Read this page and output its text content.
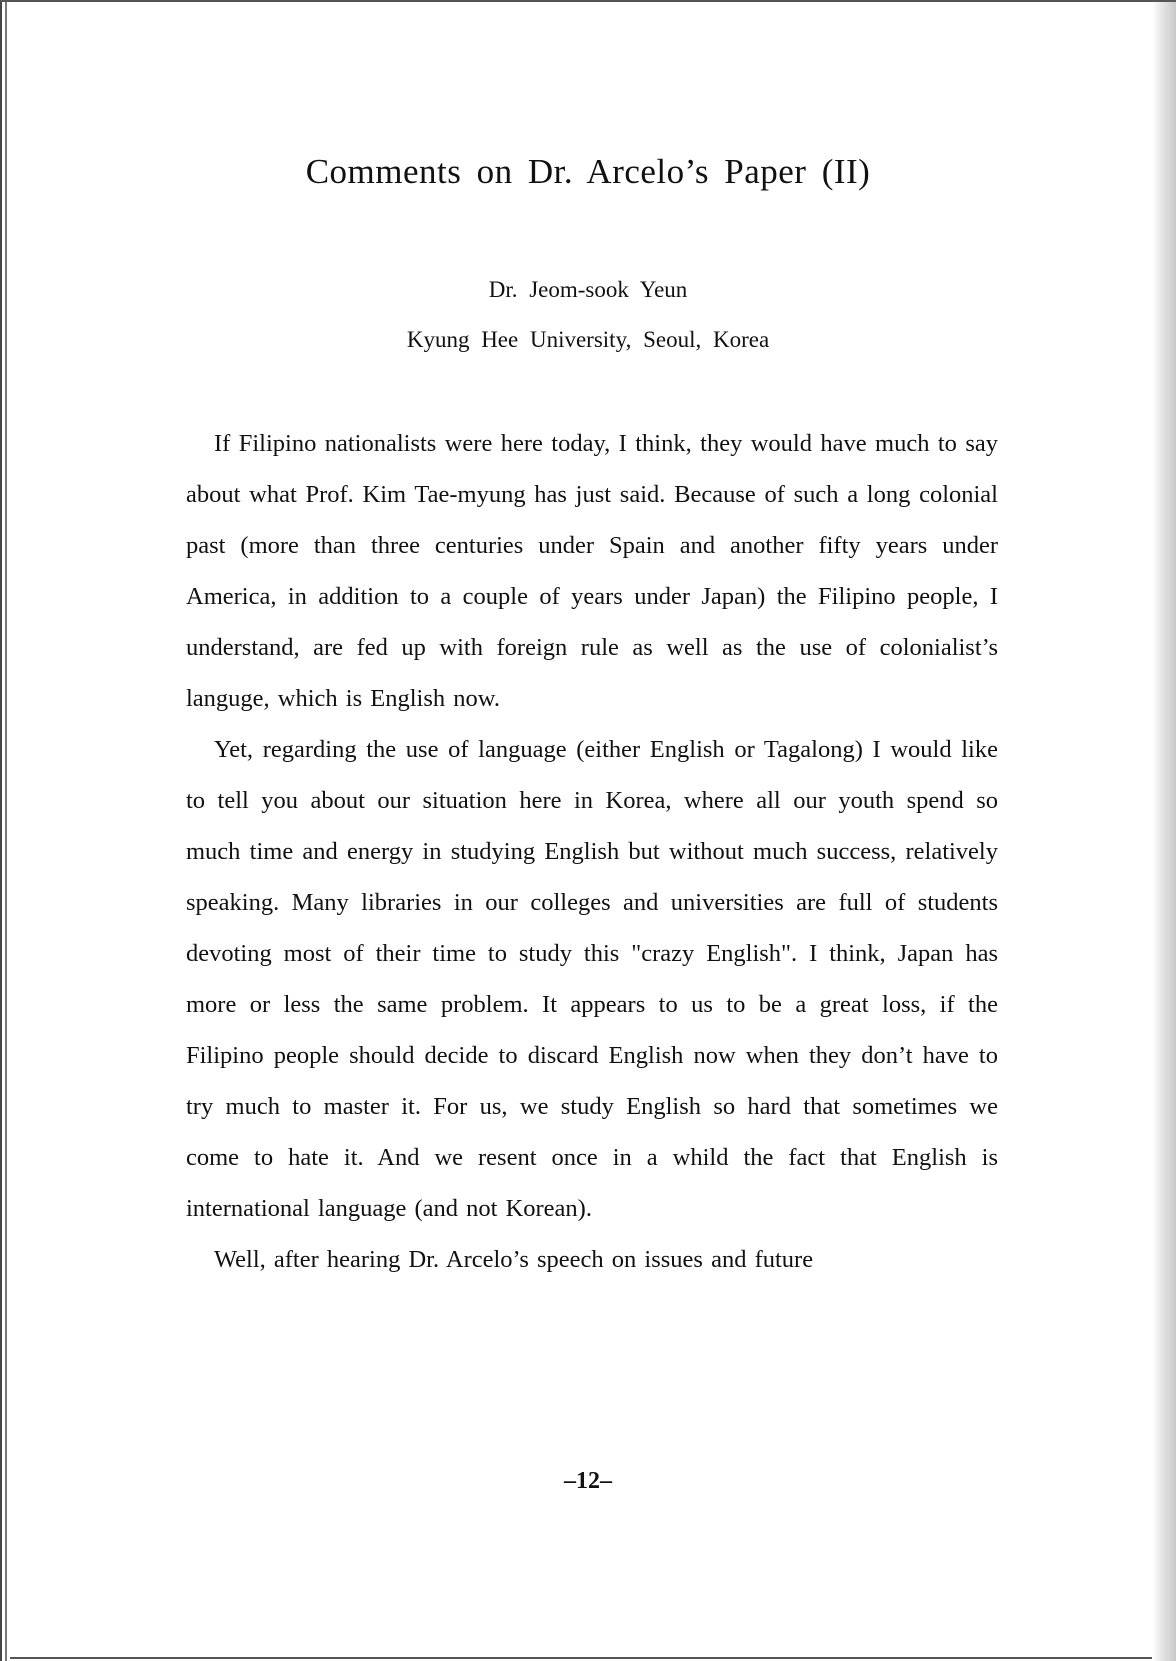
Comments on Dr. Arcelo’s Paper (II)

Dr. Jeom-sook Yeun

Kyung Hee University, Seoul, Korea

If Filipino nationalists were here today, I think, they would have much to say about what Prof. Kim Tae-myung has just said. Because of such a long colonial past (more than three centuries under Spain and another fifty years under America, in addition to a couple of years under Japan) the Filipino people, I understand, are fed up with foreign rule as well as the use of colonialist’s languge, which is English now.

Yet, regarding the use of language (either English or Tagalong) I would like to tell you about our situation here in Korea, where all our youth spend so much time and energy in studying English but without much success, relatively speaking. Many libraries in our colleges and universities are full of students devoting most of their time to study this "crazy English". I think, Japan has more or less the same problem. It appears to us to be a great loss, if the Filipino people should decide to discard English now when they don’t have to try much to master it. For us, we study English so hard that sometimes we come to hate it. And we resent once in a whild the fact that English is international language (and not Korean).

Well, after hearing Dr. Arcelo’s speech on issues and future

–12–
